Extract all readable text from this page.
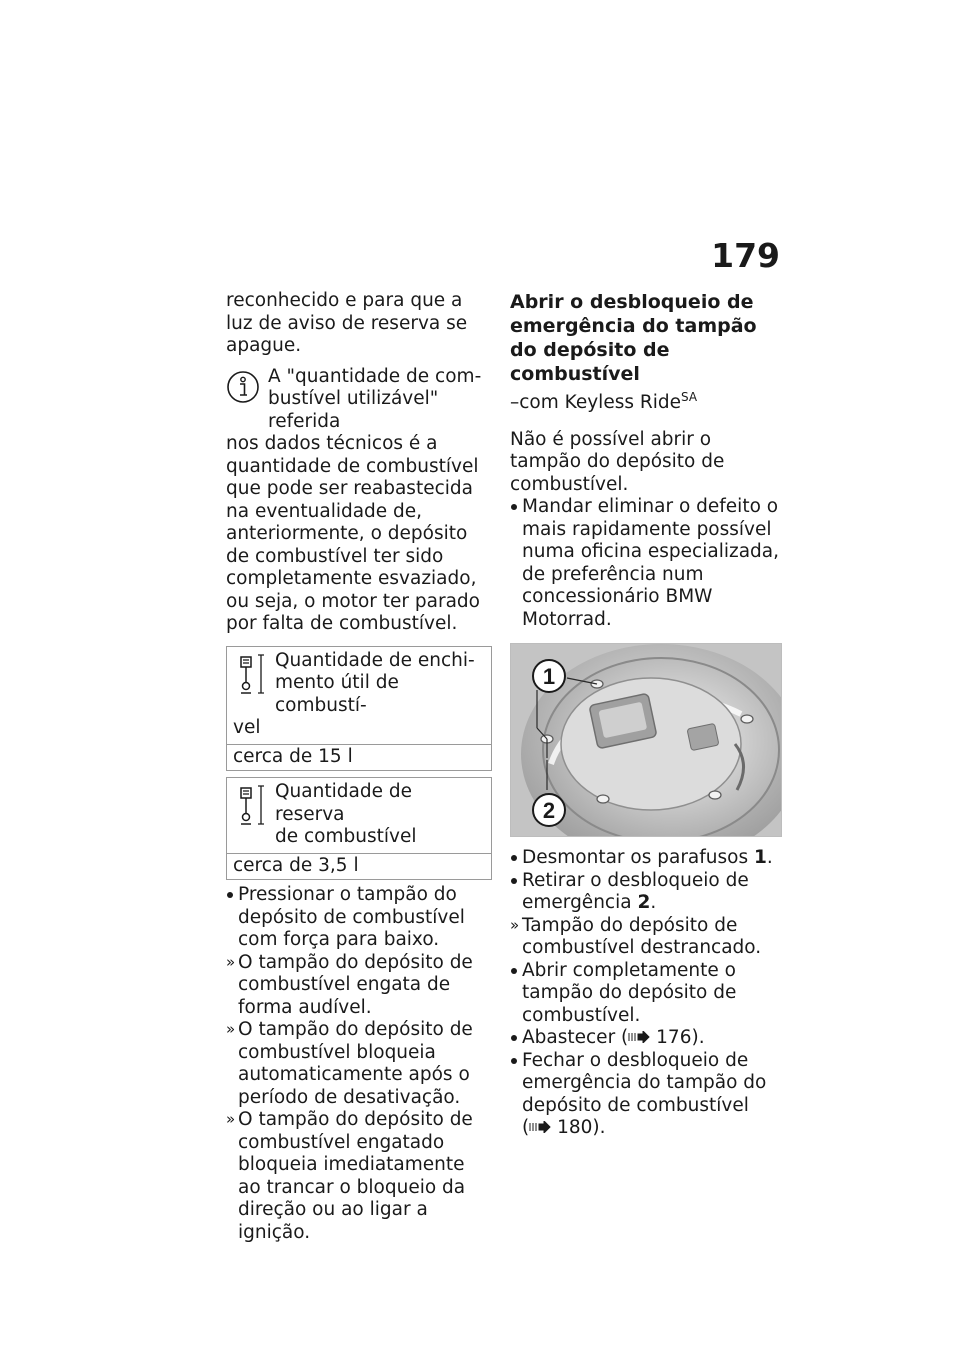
179

reconhecido e para que a luz de aviso de reserva se apague.

A "quantidade de com-
bustível utilizável" referida

nos dados técnicos é a quantidade de combustível que pode ser reabastecida na eventualidade de, anteriormente, o depósito de combustível ter sido completamente esvaziado, ou seja, o motor ter parado por falta de combustível.

Quantidade de enchi-
mento útil de combustí-
vel
cerca de 15 l
Quantidade de reserva
de combustível
cerca de 3,5 l
Pressionar o tampão do depósito de combustível com força para baixo.
O tampão do depósito de combustível engata de forma audível.
O tampão do depósito de combustível bloqueia automaticamente após o período de desativação.
O tampão do depósito de combustível engatado bloqueia imediatamente ao trancar o bloqueio da direção ou ao ligar a ignição.

Abrir o desbloqueio de emergência do tampão do depósito de combustível

–com Keyless Ride$^{SA}$

Não é possível abrir o tampão do depósito de combustível.

Mandar eliminar o defeito o mais rapidamente possível numa oficina especializada, de preferência num concessionário BMW Motorrad.
1
2
Desmontar os parafusos 1.
Retirar o desbloqueio de emergência 2.
Tampão do depósito de combustível destrancado.
Abrir completamente o tampão do depósito de combustível.
Abastecer ( 176).
Fechar o desbloqueio de emergência do tampão do depósito de combustível
( 180).
